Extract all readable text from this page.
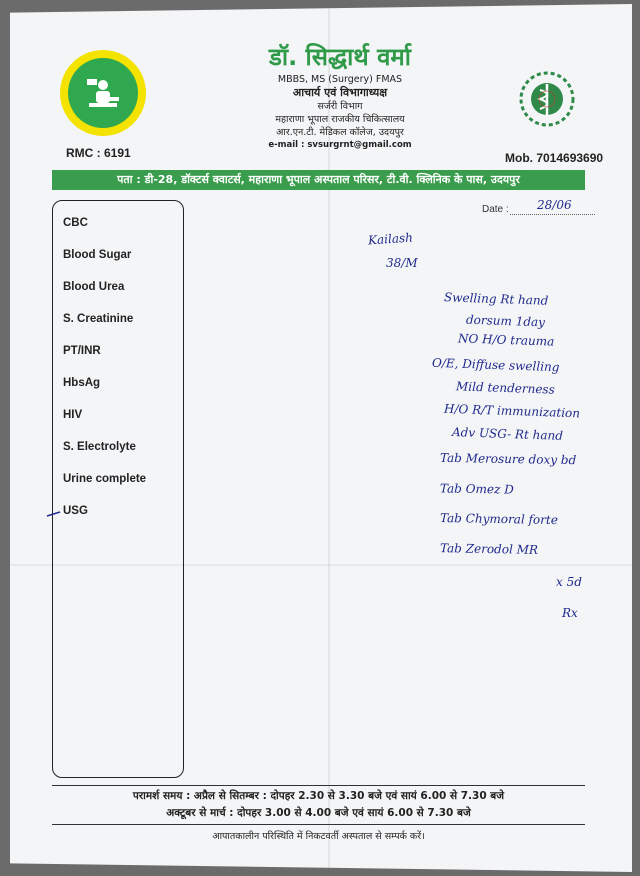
RMC : 6191
डॉ. सिद्धार्थ वर्मा
MBBS, MS (Surgery) FMAS
आचार्य एवं विभागाध्यक्ष
सर्जरी विभाग
महाराणा भूपाल राजकीय चिकित्सालय
आर.एन.टी. मेडिकल कॉलेज, उदयपुर
e-mail : svsurgrnt@gmail.com
Mob. 7014693690
पता : डी-28, डॉक्टर्स क्वाटर्स, महाराणा भूपाल अस्पताल परिसर, टी.वी. क्लिनिक के पास, उदयपुर
Date : 28/06
CBC
Blood Sugar
Blood Urea
S. Creatinine
PT/INR
HbsAg
HIV
S. Electrolyte
Urine complete
USG
Kailash
38/M
Swelling Rt hand
dorsum 1day
NO H/O trauma
O/E, Diffuse swelling
Mild tenderness
H/O R/T immunization
Adv USG- Rt hand
Tab Merosure doxy bd
Tab Omez D
Tab Chymoral forte
Tab Zerodol MR
x 5d
Rx
परामर्श समय : अप्रैल से सितम्बर : दोपहर 2.30 से 3.30 बजे एवं सायं 6.00 से 7.30 बजे
अक्टूबर से मार्च : दोपहर 3.00 से 4.00 बजे एवं सायं 6.00 से 7.30 बजे
आपातकालीन परिस्थिति में निकटवर्ती अस्पताल से सम्पर्क करें।
